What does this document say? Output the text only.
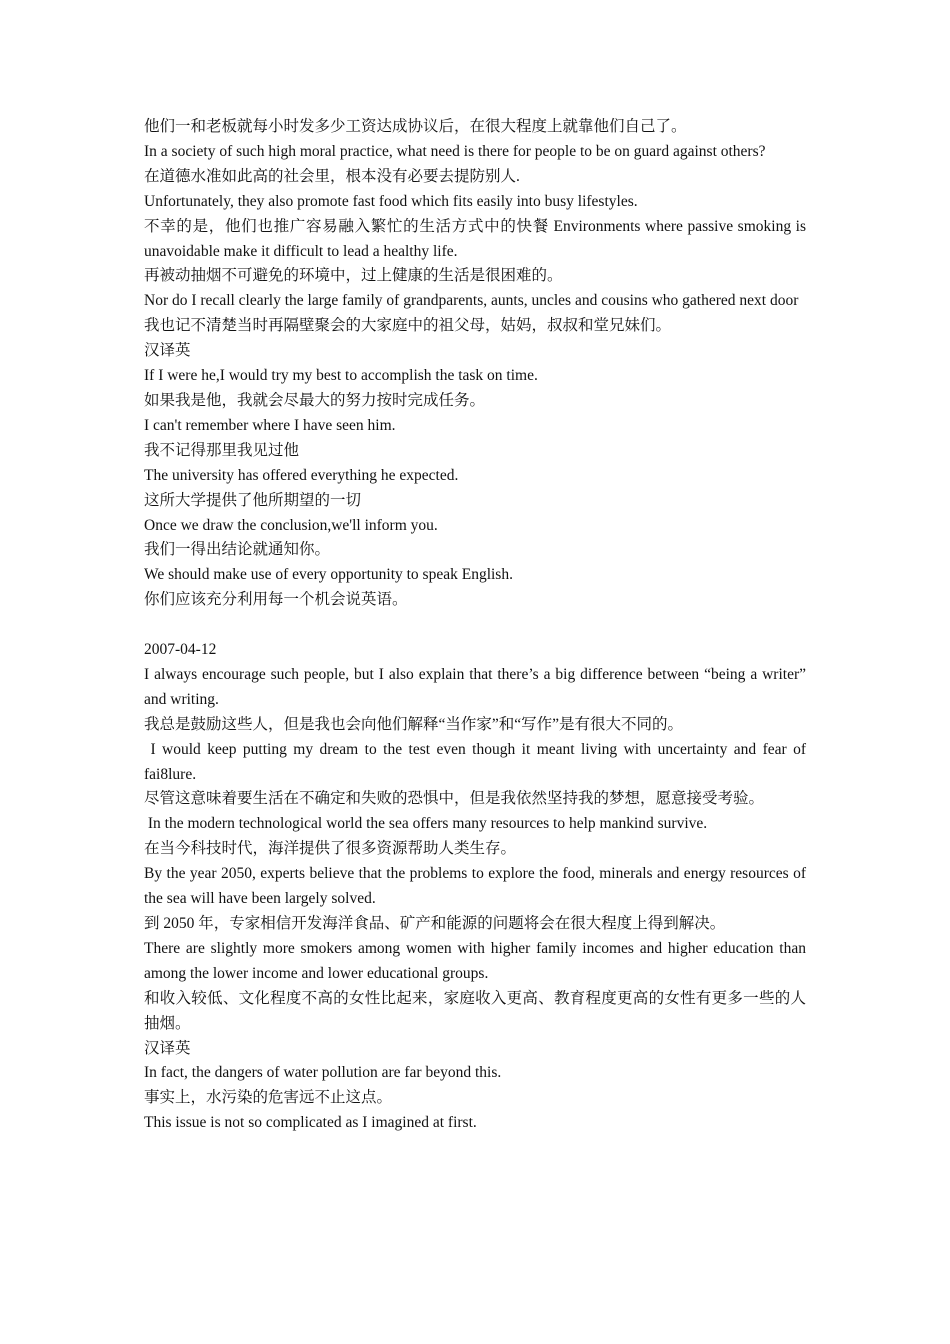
他们一和老板就每小时发多少工资达成协议后，在很大程度上就靠他们自己了。

In a society of such high moral practice, what need is there for people to be on guard against others?

在道德水准如此高的社会里，根本没有必要去提防别人.

Unfortunately, they also promote fast food which fits easily into busy lifestyles.

不幸的是，他们也推广容易融入繁忙的生活方式中的快餐 Environments where passive smoking is unavoidable make it difficult to lead a healthy life.

再被动抽烟不可避免的环境中，过上健康的生活是很困难的。

Nor do I recall clearly the large family of grandparents, aunts, uncles and cousins who gathered next door

我也记不清楚当时再隔壁聚会的大家庭中的祖父母，姑妈，叔叔和堂兄妹们。

汉译英

If I were he,I would try my best to accomplish the task on time.

如果我是他，我就会尽最大的努力按时完成任务。

I can't remember where I have seen him.

我不记得那里我见过他

The university has offered everything he expected.

这所大学提供了他所期望的一切

Once we draw the conclusion,we'll inform you.

我们一得出结论就通知你。

We should make use of every opportunity to speak English.

你们应该充分利用每一个机会说英语。

2007-04-12

I always encourage such people, but I also explain that there’s a big difference between “being a writer” and writing.

我总是鼓励这些人，但是我也会向他们解释“当作家”和“写作”是有很大不同的。

I would keep putting my dream to the test even though it meant living with uncertainty and fear of fai8lure.

尽管这意味着要生活在不确定和失败的恐惧中，但是我依然坚持我的梦想，愿意接受考验。

In the modern technological world the sea offers many resources to help mankind survive.

在当今科技时代，海洋提供了很多资源帮助人类生存。

By the year 2050, experts believe that the problems to explore the food, minerals and energy resources of the sea will have been largely solved.

到 2050 年，专家相信开发海洋食品、矿产和能源的问题将会在很大程度上得到解决。

There are slightly more smokers among women with higher family incomes and higher education than among the lower income and lower educational groups.

和收入较低、文化程度不高的女性比起来，家庭收入更高、教育程度更高的女性有更多一些的人抽烟。

汉译英

In fact, the dangers of water pollution are far beyond this.

事实上，水污染的危害远不止这点。

This issue is not so complicated as I imagined at first.
